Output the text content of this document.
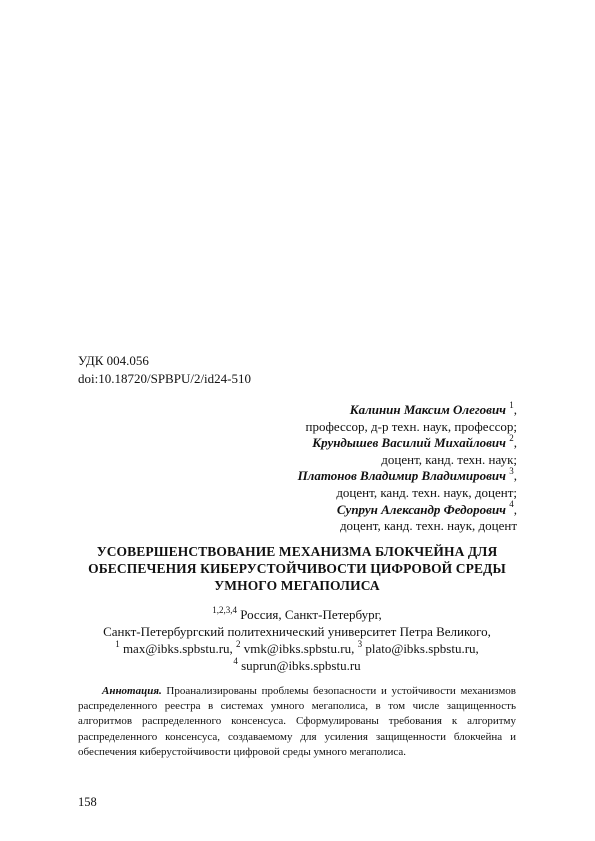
УДК 004.056
doi:10.18720/SPBPU/2/id24-510
Калинин Максим Олегович $^1$,
профессор, д-р техн. наук, профессор;
Крундышев Василий Михайлович $^2$,
доцент, канд. техн. наук;
Платонов Владимир Владимирович $^3$,
доцент, канд. техн. наук, доцент;
Супрун Александр Федорович $^4$,
доцент, канд. техн. наук, доцент
УСОВЕРШЕНСТВОВАНИЕ МЕХАНИЗМА БЛОКЧЕЙНА ДЛЯ
ОБЕСПЕЧЕНИЯ КИБЕРУСТОЙЧИВОСТИ ЦИФРОВОЙ СРЕДЫ
УМНОГО МЕГАПОЛИСА
$^{1,2,3,4}$ Россия, Санкт-Петербург,
Санкт-Петербургский политехнический университет Петра Великого,
$^1$ max@ibks.spbstu.ru, $^2$ vmk@ibks.spbstu.ru, $^3$ plato@ibks.spbstu.ru,
$^4$ suprun@ibks.spbstu.ru
Аннотация. Проанализированы проблемы безопасности и устойчивости механизмов распределенного реестра в системах умного мегаполиса, в том числе защищенность алгоритмов распределенного консенсуса. Сформулированы требования к алгоритму распределенного консенсуса, создаваемому для усиления защищенности блокчейна и обеспечения киберустойчивости цифровой среды умного мегаполиса.
158
